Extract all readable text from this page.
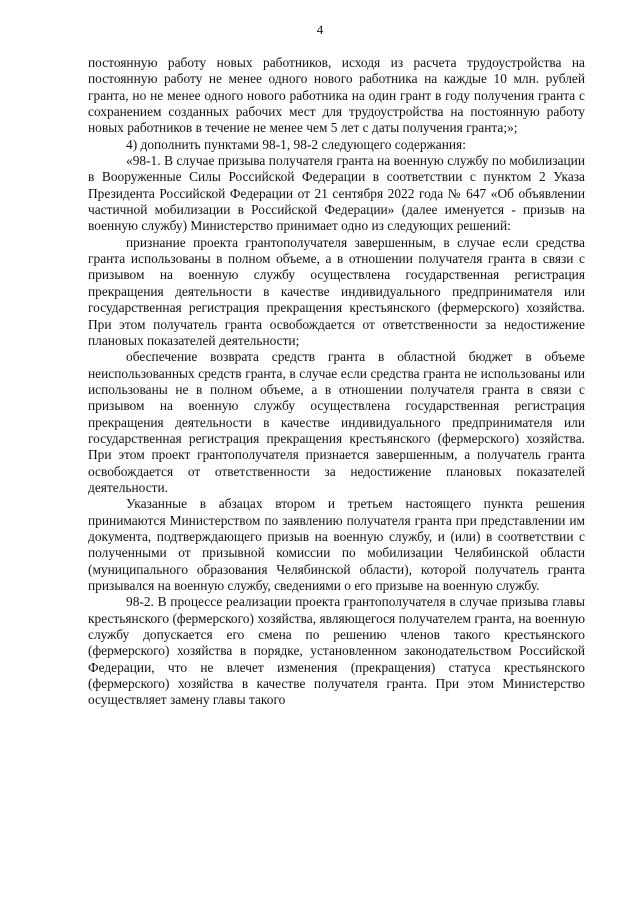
4

постоянную работу новых работников, исходя из расчета трудоустройства на постоянную работу не менее одного нового работника на каждые 10 млн. рублей гранта, но не менее одного нового работника на один грант в году получения гранта с сохранением созданных рабочих мест для трудоустройства на постоянную работу новых работников в течение не менее чем 5 лет с даты получения гранта;»;

4) дополнить пунктами 98-1, 98-2 следующего содержания:

«98-1. В случае призыва получателя гранта на военную службу по мобилизации в Вооруженные Силы Российской Федерации в соответствии с пунктом 2 Указа Президента Российской Федерации от 21 сентября 2022 года № 647 «Об объявлении частичной мобилизации в Российской Федерации» (далее именуется - призыв на военную службу) Министерство принимает одно из следующих решений:

признание проекта грантополучателя завершенным, в случае если средства гранта использованы в полном объеме, а в отношении получателя гранта в связи с призывом на военную службу осуществлена государственная регистрация прекращения деятельности в качестве индивидуального предпринимателя или государственная регистрация прекращения крестьянского (фермерского) хозяйства. При этом получатель гранта освобождается от ответственности за недостижение плановых показателей деятельности;

обеспечение возврата средств гранта в областной бюджет в объеме неиспользованных средств гранта, в случае если средства гранта не использованы или использованы не в полном объеме, а в отношении получателя гранта в связи с призывом на военную службу осуществлена государственная регистрация прекращения деятельности в качестве индивидуального предпринимателя или государственная регистрация прекращения крестьянского (фермерского) хозяйства. При этом проект грантополучателя признается завершенным, а получатель гранта освобождается от ответственности за недостижение плановых показателей деятельности.

Указанные в абзацах втором и третьем настоящего пункта решения принимаются Министерством по заявлению получателя гранта при представлении им документа, подтверждающего призыв на военную службу, и (или) в соответствии с полученными от призывной комиссии по мобилизации Челябинской области (муниципального образования Челябинской области), которой получатель гранта призывался на военную службу, сведениями о его призыве на военную службу.

98-2. В процессе реализации проекта грантополучателя в случае призыва главы крестьянского (фермерского) хозяйства, являющегося получателем гранта, на военную службу допускается его смена по решению членов такого крестьянского (фермерского) хозяйства в порядке, установленном законодательством Российской Федерации, что не влечет изменения (прекращения) статуса крестьянского (фермерского) хозяйства в качестве получателя гранта. При этом Министерство осуществляет замену главы такого
